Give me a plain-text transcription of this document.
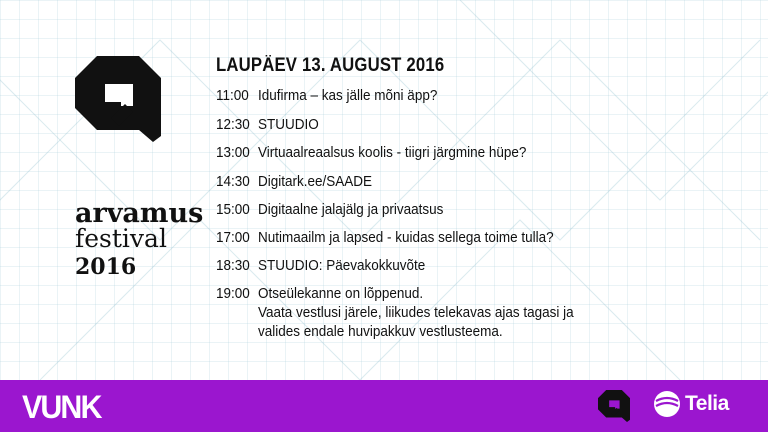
arvamus
festival
2016
LAUPÄEV 13. AUGUST 2016
11:00 Idufirma – kas jälle mõni äpp?
12:30 STUUDIO
13:00 Virtuaalreaalsus koolis - tiigri järgmine hüpe?
14:30 Digitark.ee/SAADE
15:00 Digitaalne jalajälg ja privaatsus
17:00 Nutimaailm ja lapsed - kuidas sellega toime tulla?
18:30 STUUDIO: Päevakokkuvõte
19:00 Otseülekanne on lõppenud.
Vaata vestlusi järele, liikudes telekavas ajas tagasi ja
valides endale huvipakkuv vestlusteema.
VUNK	Telia
